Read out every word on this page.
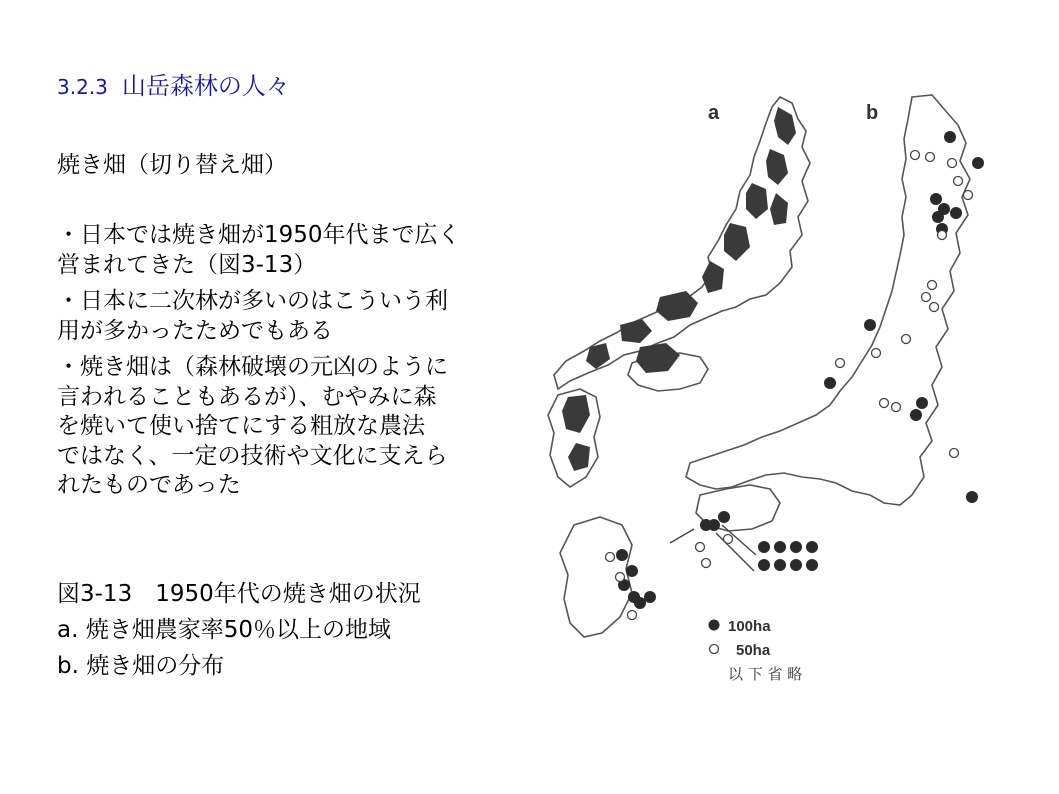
3.2.3 山岳森林の人々
焼き畑（切り替え畑）
・日本では焼き畑が1950年代まで広く
営まれてきた（図3-13）
・日本に二次林が多いのはこういう利
用が多かったためでもある
・焼き畑は（森林破壊の元凶のように
言われることもあるが）、むやみに森
を焼いて使い捨てにする粗放な農法
ではなく、一定の技術や文化に支えら
れたものであった
図3-13　1950年代の焼き畑の状況
a. 焼き畑農家率50％以上の地域
b. 焼き畑の分布
a	b
100ha
50ha
以 下 省 略
